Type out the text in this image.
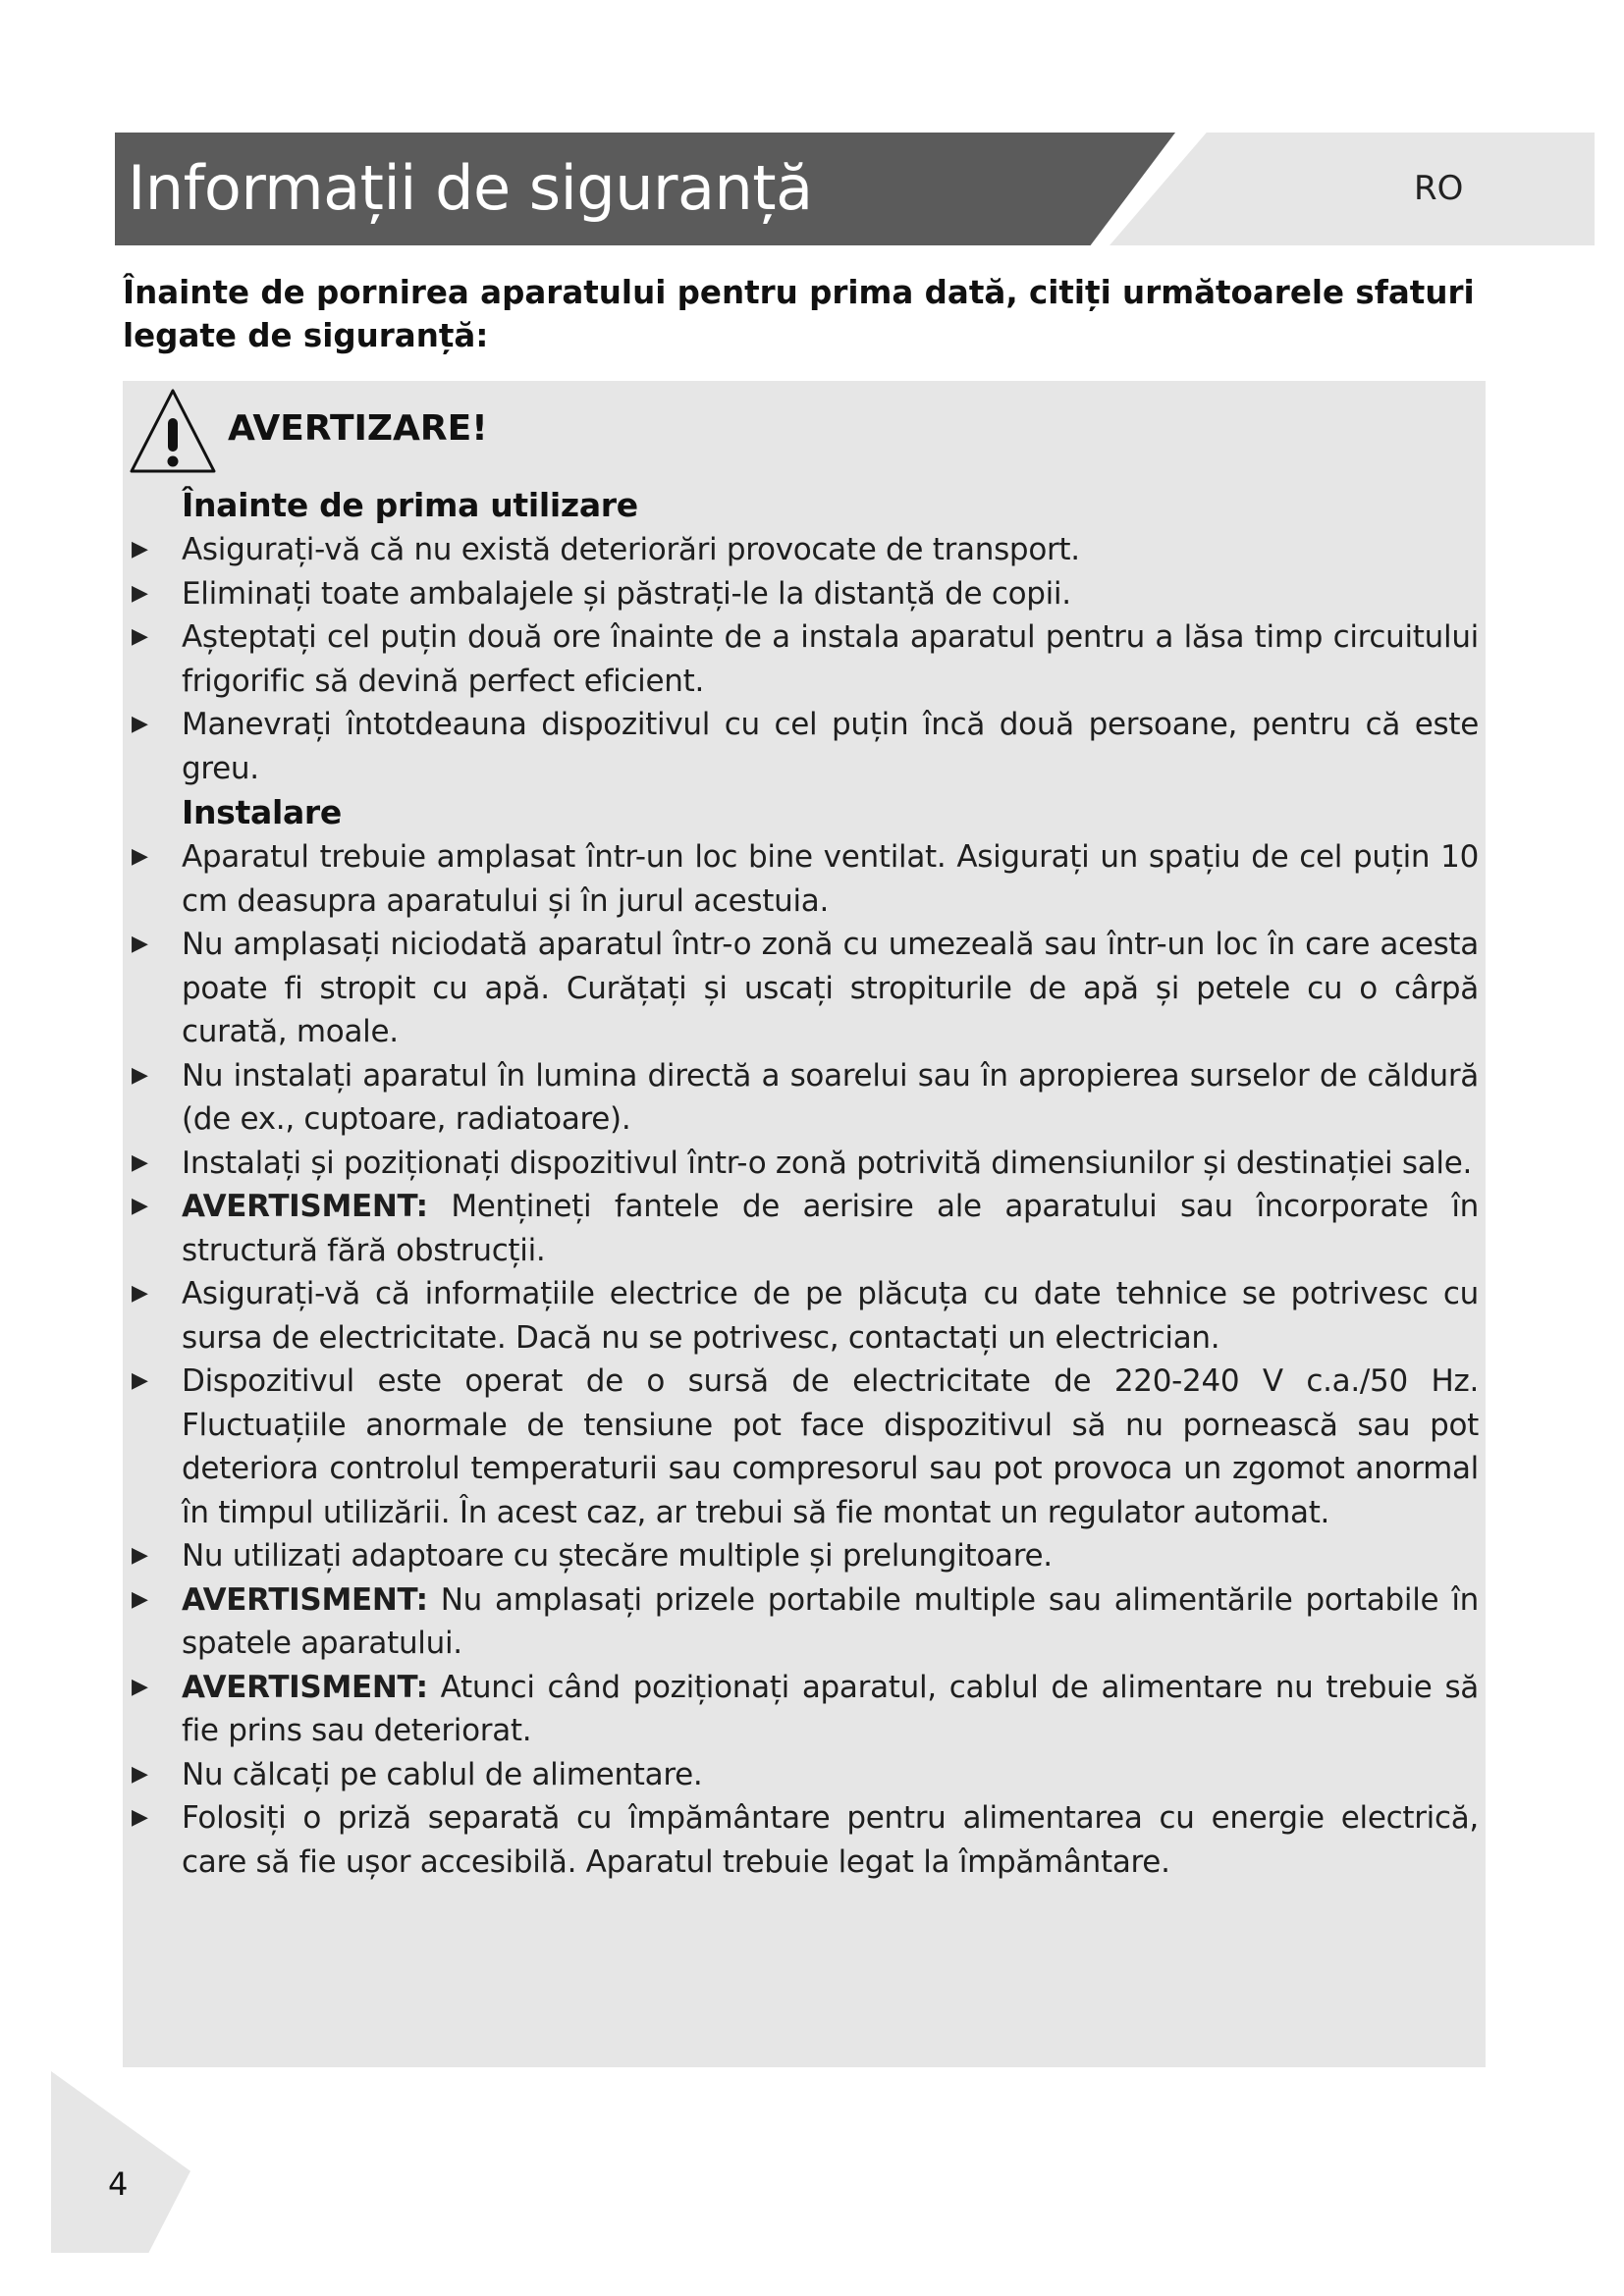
Informații de siguranță	RO

Înainte de pornirea aparatului pentru prima dată, citiți următoarele sfaturi legate de siguranță:

AVERTIZARE!
Înainte de prima utilizare
▶ Asigurați-vă că nu există deteriorări provocate de transport.
▶ Eliminați toate ambalajele și păstrați-le la distanță de copii.
▶ Așteptați cel puțin două ore înainte de a instala aparatul pentru a lăsa timp circuitului frigorific să devină perfect eficient.
▶ Manevrați întotdeauna dispozitivul cu cel puțin încă două persoane, pentru că este greu.
Instalare
▶ Aparatul trebuie amplasat într-un loc bine ventilat. Asigurați un spațiu de cel puțin 10 cm deasupra aparatului și în jurul acestuia.
▶ Nu amplasați niciodată aparatul într-o zonă cu umezeală sau într-un loc în care acesta poate fi stropit cu apă. Curățați și uscați stropiturile de apă și petele cu o cârpă curată, moale.
▶ Nu instalați aparatul în lumina directă a soarelui sau în apropierea surselor de căldură (de ex., cuptoare, radiatoare).
▶ Instalați și poziționați dispozitivul într-o zonă potrivită dimensiunilor și destinației sale.
▶ AVERTISMENT: Mențineți fantele de aerisire ale aparatului sau încorporate în structură fără obstrucții.
▶ Asigurați-vă că informațiile electrice de pe plăcuța cu date tehnice se potrivesc cu sursa de electricitate. Dacă nu se potrivesc, contactați un electrician.
▶ Dispozitivul este operat de o sursă de electricitate de 220-240 V c.a./50 Hz. Fluctuațiile anormale de tensiune pot face dispozitivul să nu pornească sau pot deteriora controlul temperaturii sau compresorul sau pot provoca un zgomot anormal în timpul utilizării. În acest caz, ar trebui să fie montat un regulator automat.
▶ Nu utilizați adaptoare cu ștecăre multiple și prelungitoare.
▶ AVERTISMENT: Nu amplasați prizele portabile multiple sau alimentările portabile în spatele aparatului.
▶ AVERTISMENT: Atunci când poziționați aparatul, cablul de alimentare nu trebuie să fie prins sau deteriorat.
▶ Nu călcați pe cablul de alimentare.
▶ Folosiți o priză separată cu împământare pentru alimentarea cu energie electrică, care să fie ușor accesibilă. Aparatul trebuie legat la împământare.
4
